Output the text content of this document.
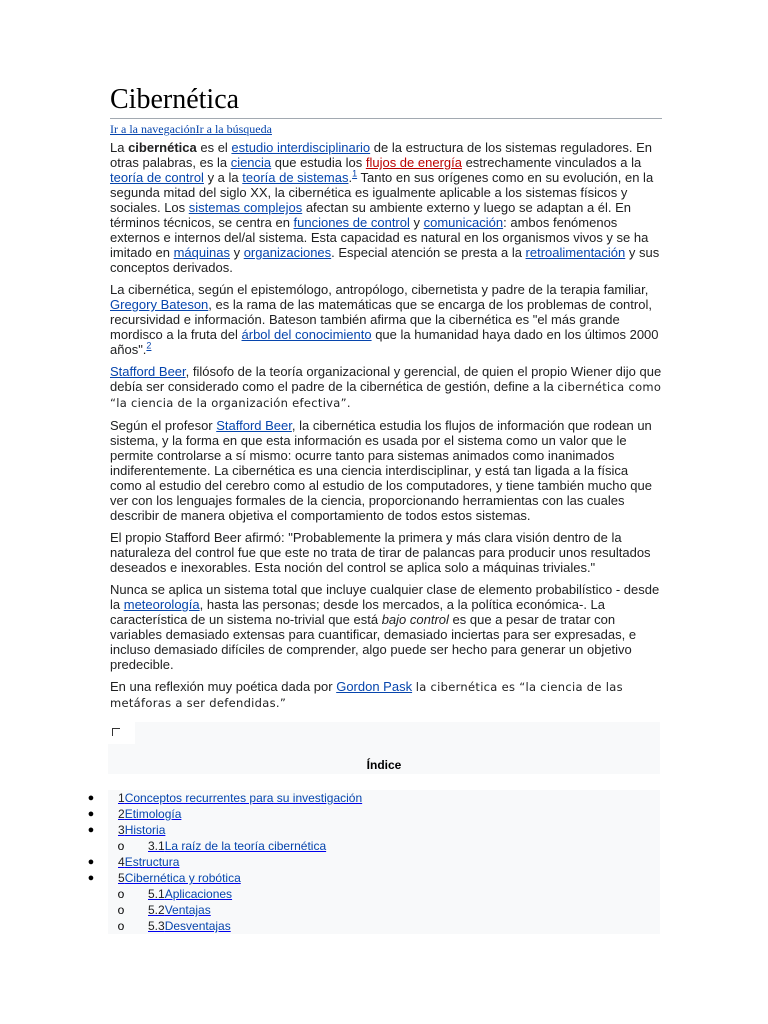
Cibernética
Ir a la navegaciónIr a la búsqueda

La cibernética es el estudio interdisciplinario de la estructura de los sistemas reguladores. En otras palabras, es la ciencia que estudia los flujos de energía estrechamente vinculados a la teoría de control y a la teoría de sistemas.$^1$ Tanto en sus orígenes como en su evolución, en la segunda mitad del siglo XX, la cibernética es igualmente aplicable a los sistemas físicos y sociales. Los sistemas complejos afectan su ambiente externo y luego se adaptan a él. En términos técnicos, se centra en funciones de control y comunicación: ambos fenómenos externos e internos del/al sistema. Esta capacidad es natural en los organismos vivos y se ha imitado en máquinas y organizaciones. Especial atención se presta a la retroalimentación y sus conceptos derivados.

La cibernética, según el epistemólogo, antropólogo, cibernetista y padre de la terapia familiar, Gregory Bateson, es la rama de las matemáticas que se encarga de los problemas de control, recursividad e información. Bateson también afirma que la cibernética es "el más grande mordisco a la fruta del árbol del conocimiento que la humanidad haya dado en los últimos 2000 años".$^2$

Stafford Beer, filósofo de la teoría organizacional y gerencial, de quien el propio Wiener dijo que debía ser considerado como el padre de la cibernética de gestión, define a la cibernética como “la ciencia de la organización efectiva”.

Según el profesor Stafford Beer, la cibernética estudia los flujos de información que rodean un sistema, y la forma en que esta información es usada por el sistema como un valor que le permite controlarse a sí mismo: ocurre tanto para sistemas animados como inanimados indiferentemente. La cibernética es una ciencia interdisciplinar, y está tan ligada a la física como al estudio del cerebro como al estudio de los computadores, y tiene también mucho que ver con los lenguajes formales de la ciencia, proporcionando herramientas con las cuales describir de manera objetiva el comportamiento de todos estos sistemas.

El propio Stafford Beer afirmó: "Probablemente la primera y más clara visión dentro de la naturaleza del control fue que este no trata de tirar de palancas para producir unos resultados deseados e inexorables. Esta noción del control se aplica solo a máquinas triviales."

Nunca se aplica un sistema total que incluye cualquier clase de elemento probabilístico - desde la meteorología, hasta las personas; desde los mercados, a la política económica-. La característica de un sistema no-trivial que está bajo control es que a pesar de tratar con variables demasiado extensas para cuantificar, demasiado inciertas para ser expresadas, e incluso demasiado difíciles de comprender, algo puede ser hecho para generar un objetivo predecible.

En una reflexión muy poética dada por Gordon Pask la cibernética es “la ciencia de las metáforas a ser defendidas.”

Índice
● 1Conceptos recurrentes para su investigación
● 2Etimología
● 3Historia
o 3.1La raíz de la teoría cibernética
● 4Estructura
● 5Cibernética y robótica
o 5.1Aplicaciones
o 5.2Ventajas
o 5.3Desventajas
